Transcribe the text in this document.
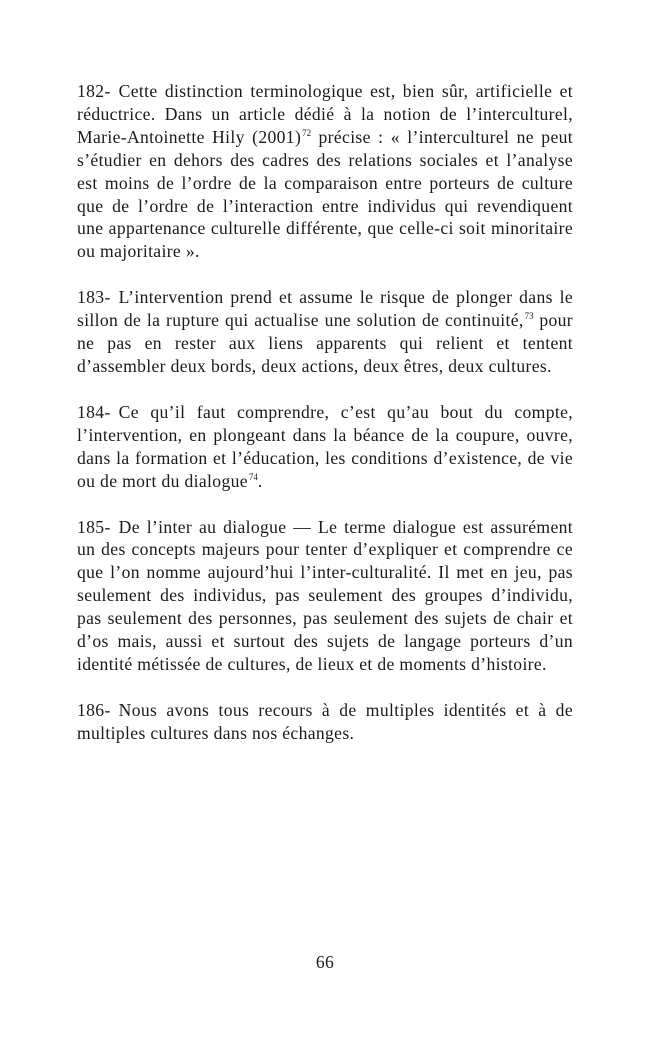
182- Cette distinction terminologique est, bien sûr, artificielle et réductrice. Dans un article dédié à la notion de l’interculturel, Marie-Antoinette Hily (2001)$^{72}$ précise : « l’interculturel ne peut s’étudier en dehors des cadres des relations sociales et l’analyse est moins de l’ordre de la comparaison entre porteurs de culture que de l’ordre de l’interaction entre individus qui revendiquent une appartenance culturelle différente, que celle-ci soit minoritaire ou majoritaire ».

183- L’intervention prend et assume le risque de plonger dans le sillon de la rupture qui actualise une solution de continuité,$^{73}$ pour ne pas en rester aux liens apparents qui relient et tentent d’assembler deux bords, deux actions, deux êtres, deux cultures.

184- Ce qu’il faut comprendre, c’est qu’au bout du compte, l’intervention, en plongeant dans la béance de la coupure, ouvre, dans la formation et l’éducation, les conditions d’existence, de vie ou de mort du dialogue$^{74}$.

185- De l’inter au dialogue — Le terme dialogue est assurément un des concepts majeurs pour tenter d’expliquer et comprendre ce que l’on nomme aujourd’hui l’inter-culturalité. Il met en jeu, pas seulement des individus, pas seulement des groupes d’individu, pas seulement des personnes, pas seulement des sujets de chair et d’os mais, aussi et surtout des sujets de langage porteurs d’un identité métissée de cultures, de lieux et de moments d’histoire.

186- Nous avons tous recours à de multiples identités et à de multiples cultures dans nos échanges.

66
